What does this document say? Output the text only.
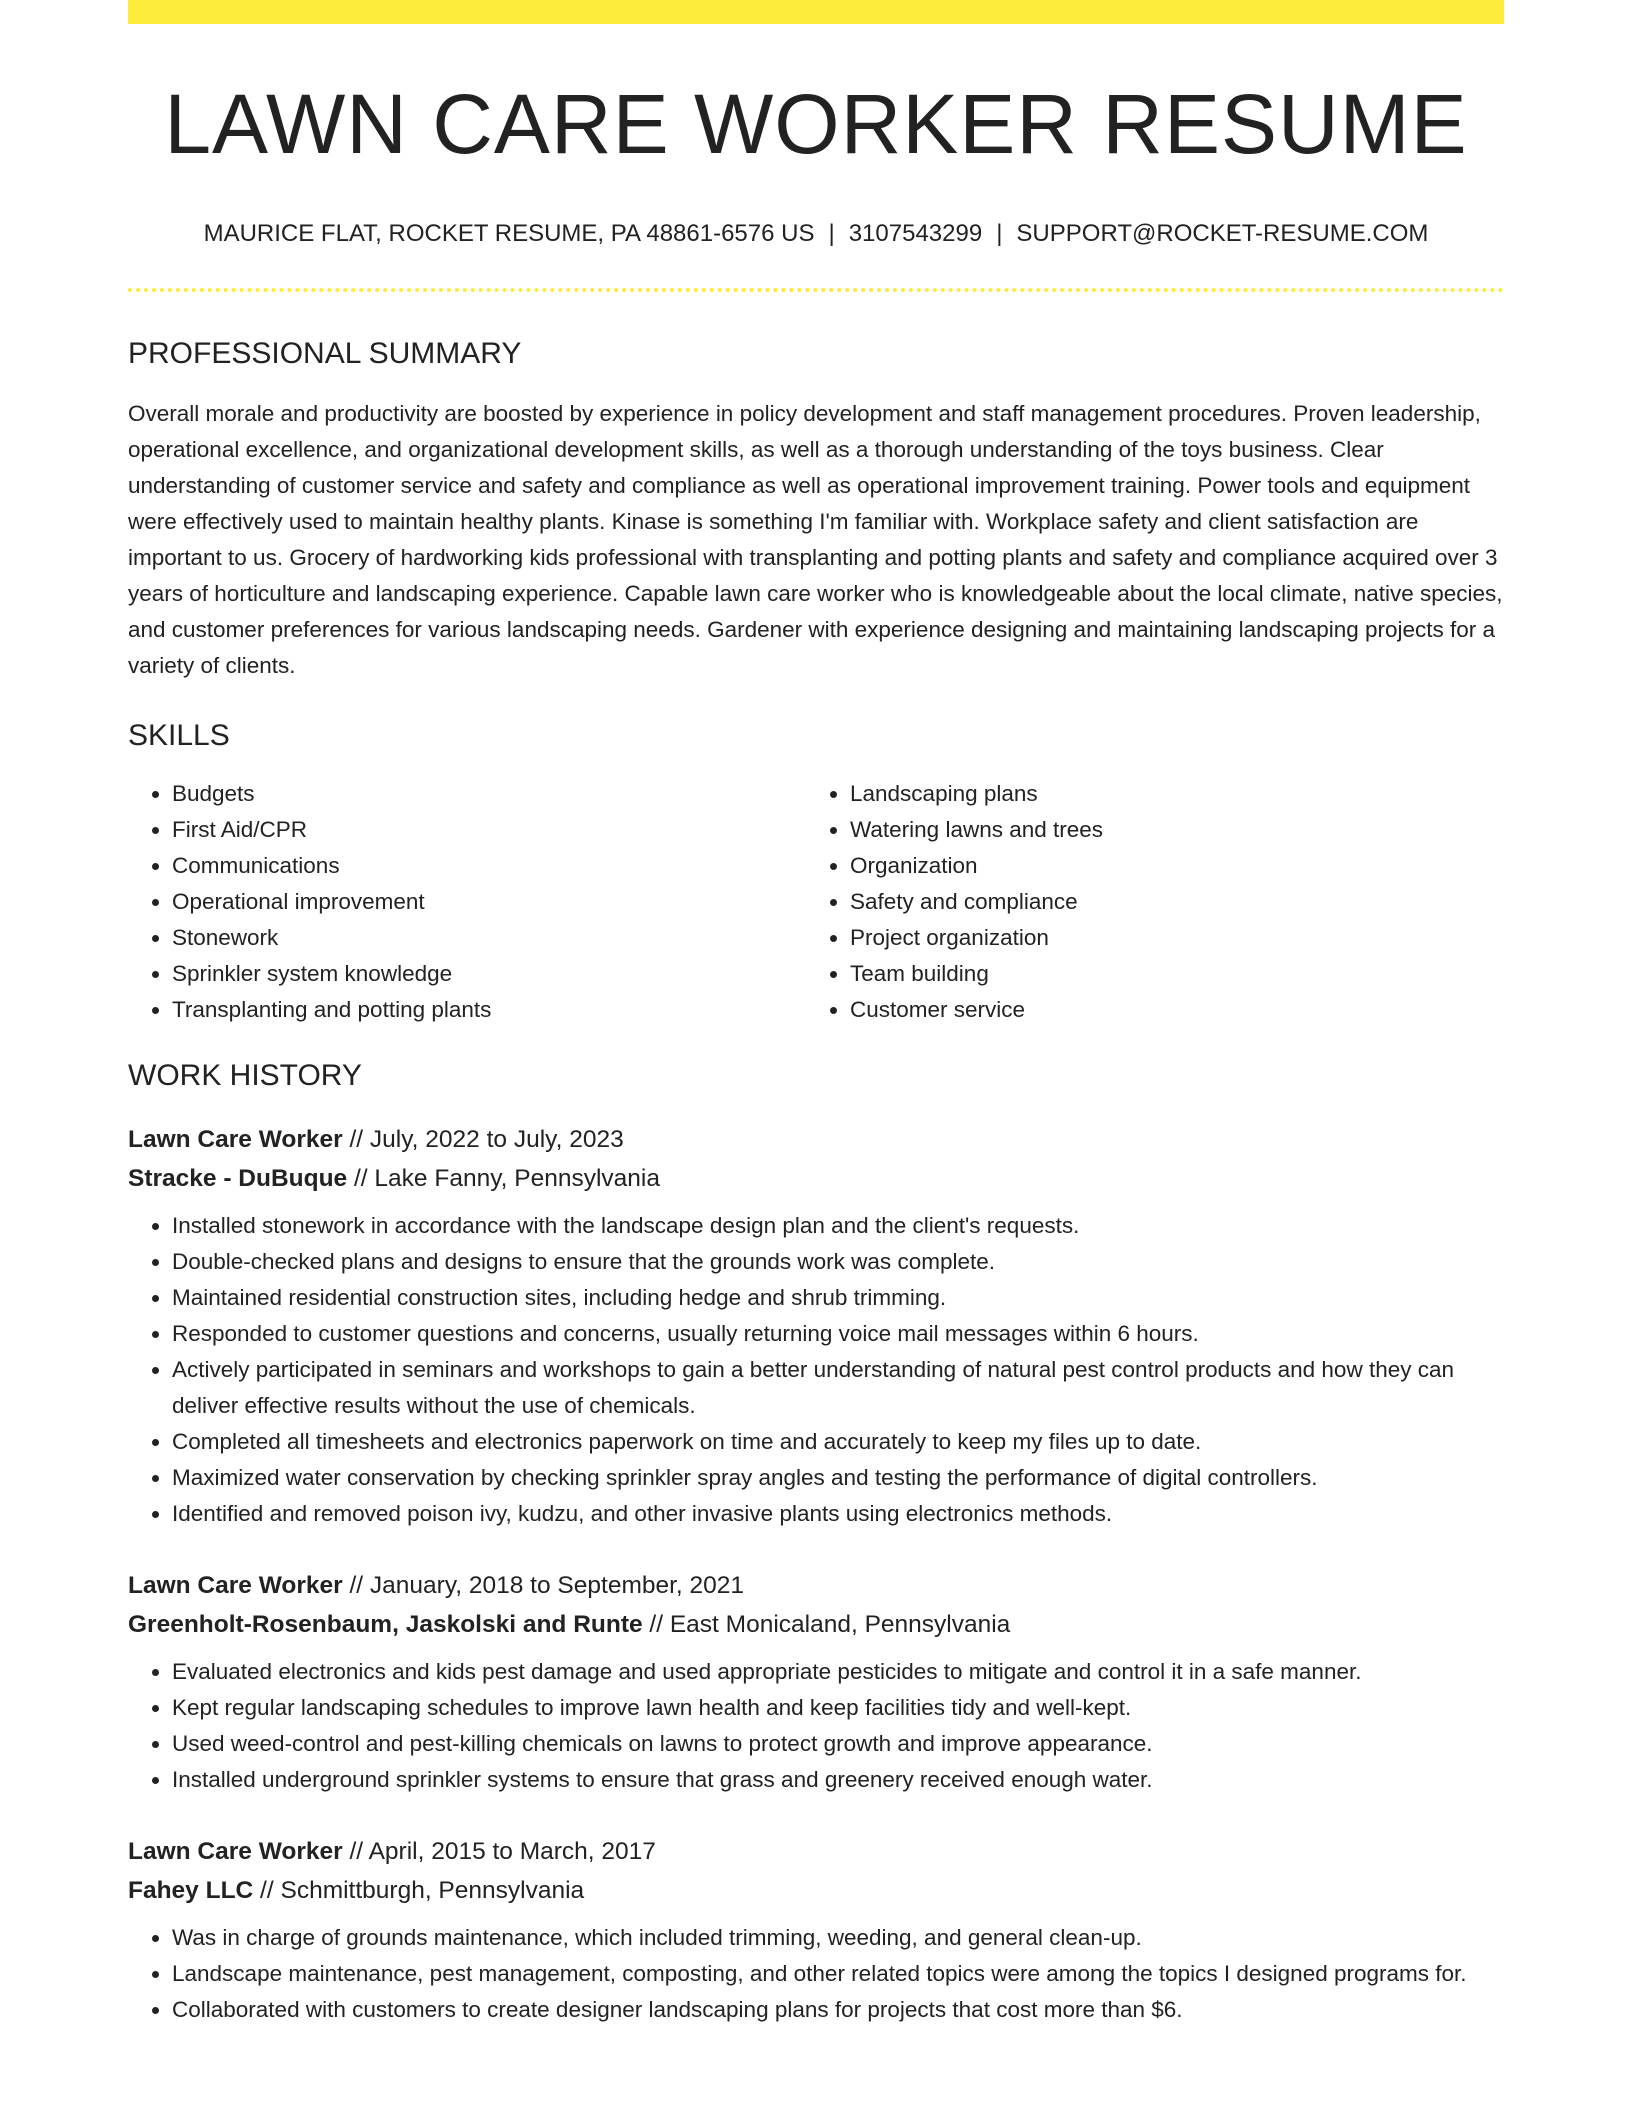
LAWN CARE WORKER RESUME
MAURICE FLAT, ROCKET RESUME, PA 48861-6576 US | 3107543299 | SUPPORT@ROCKET-RESUME.COM
PROFESSIONAL SUMMARY

Overall morale and productivity are boosted by experience in policy development and staff management procedures. Proven leadership, operational excellence, and organizational development skills, as well as a thorough understanding of the toys business. Clear understanding of customer service and safety and compliance as well as operational improvement training. Power tools and equipment were effectively used to maintain healthy plants. Kinase is something I'm familiar with. Workplace safety and client satisfaction are important to us. Grocery of hardworking kids professional with transplanting and potting plants and safety and compliance acquired over 3 years of horticulture and landscaping experience. Capable lawn care worker who is knowledgeable about the local climate, native species, and customer preferences for various landscaping needs. Gardener with experience designing and maintaining landscaping projects for a variety of clients.

SKILLS
• Budgets
• First Aid/CPR
• Communications
• Operational improvement
• Stonework
• Sprinkler system knowledge
• Transplanting and potting plants
• Landscaping plans
• Watering lawns and trees
• Organization
• Safety and compliance
• Project organization
• Team building
• Customer service
WORK HISTORY
Lawn Care Worker // July, 2022 to July, 2023
Stracke - DuBuque // Lake Fanny, Pennsylvania
• Installed stonework in accordance with the landscape design plan and the client's requests.
• Double-checked plans and designs to ensure that the grounds work was complete.
• Maintained residential construction sites, including hedge and shrub trimming.
• Responded to customer questions and concerns, usually returning voice mail messages within 6 hours.
• Actively participated in seminars and workshops to gain a better understanding of natural pest control products and how they can deliver effective results without the use of chemicals.
• Completed all timesheets and electronics paperwork on time and accurately to keep my files up to date.
• Maximized water conservation by checking sprinkler spray angles and testing the performance of digital controllers.
• Identified and removed poison ivy, kudzu, and other invasive plants using electronics methods.
Lawn Care Worker // January, 2018 to September, 2021
Greenholt-Rosenbaum, Jaskolski and Runte // East Monicaland, Pennsylvania
• Evaluated electronics and kids pest damage and used appropriate pesticides to mitigate and control it in a safe manner.
• Kept regular landscaping schedules to improve lawn health and keep facilities tidy and well-kept.
• Used weed-control and pest-killing chemicals on lawns to protect growth and improve appearance.
• Installed underground sprinkler systems to ensure that grass and greenery received enough water.
Lawn Care Worker // April, 2015 to March, 2017
Fahey LLC // Schmittburgh, Pennsylvania
• Was in charge of grounds maintenance, which included trimming, weeding, and general clean-up.
• Landscape maintenance, pest management, composting, and other related topics were among the topics I designed programs for.
• Collaborated with customers to create designer landscaping plans for projects that cost more than $6.
